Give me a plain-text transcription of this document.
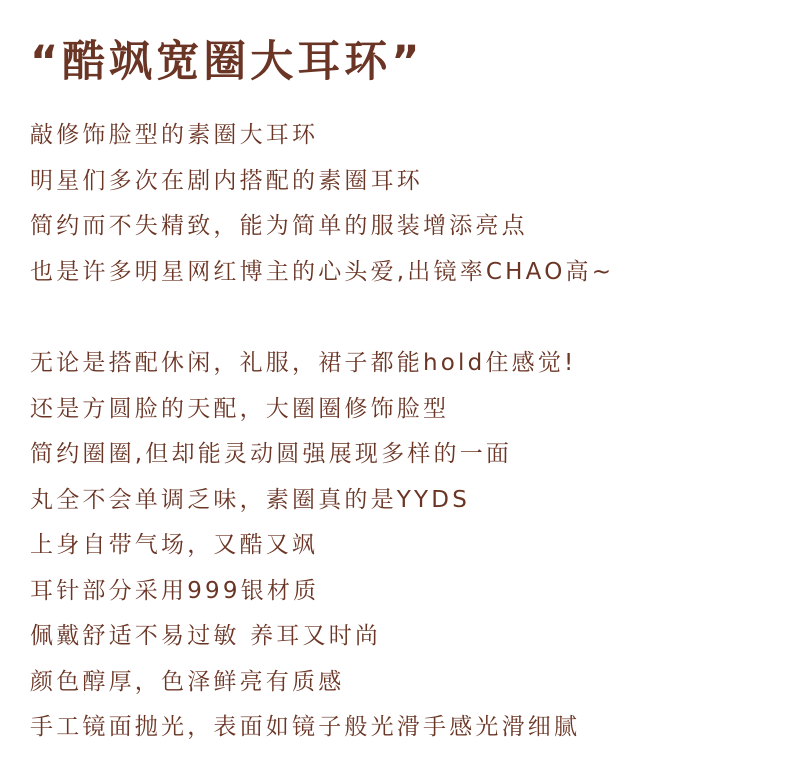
“酷飒宽圈大耳环”
敲修饰脸型的素圈大耳环
明星们多次在剧内搭配的素圈耳环
简约而不失精致，能为简单的服装增添亮点
也是许多明星网红博主的心头爱,出镜率CHAO高~
无论是搭配休闲，礼服，裙子都能hold住感觉!
还是方圆脸的天配，大圈圈修饰脸型
简约圈圈,但却能灵动圆强展现多样的一面
丸全不会单调乏味，素圈真的是YYDS
上身自带气场，又酷又飒
耳针部分采用999银材质
佩戴舒适不易过敏 养耳又时尚
颜色醇厚，色泽鲜亮有质感
手工镜面抛光，表面如镜子般光滑手感光滑细腻
